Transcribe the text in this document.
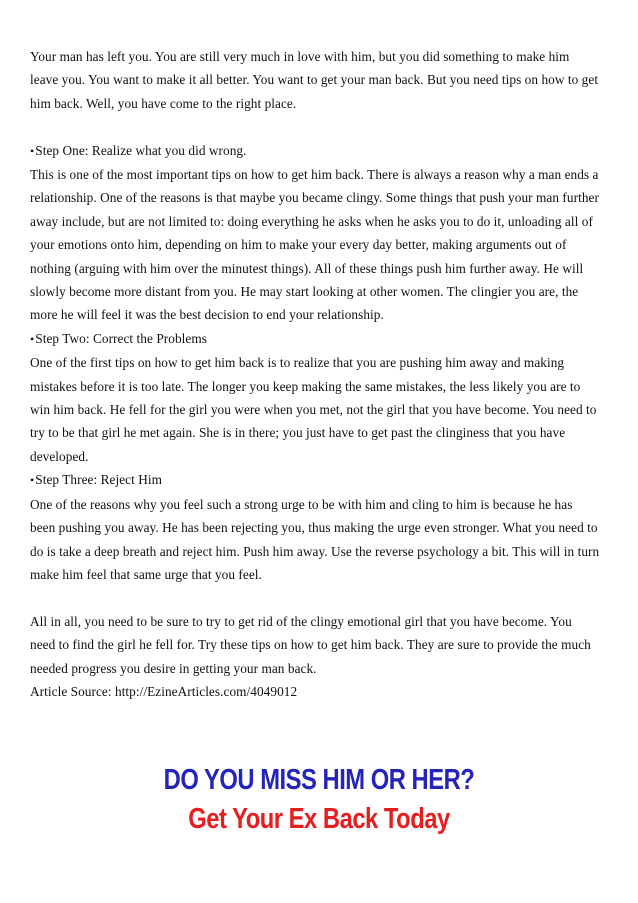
Your man has left you. You are still very much in love with him, but you did something to make him leave you. You want to make it all better. You want to get your man back. But you need tips on how to get him back. Well, you have come to the right place.

• Step One: Realize what you did wrong.

This is one of the most important tips on how to get him back. There is always a reason why a man ends a relationship. One of the reasons is that maybe you became clingy. Some things that push your man further away include, but are not limited to: doing everything he asks when he asks you to do it, unloading all of your emotions onto him, depending on him to make your every day better, making arguments out of nothing (arguing with him over the minutest things). All of these things push him further away. He will slowly become more distant from you. He may start looking at other women. The clingier you are, the more he will feel it was the best decision to end your relationship.

• Step Two: Correct the Problems

One of the first tips on how to get him back is to realize that you are pushing him away and making mistakes before it is too late. The longer you keep making the same mistakes, the less likely you are to win him back. He fell for the girl you were when you met, not the girl that you have become. You need to try to be that girl he met again. She is in there; you just have to get past the clinginess that you have developed.

• Step Three: Reject Him

One of the reasons why you feel such a strong urge to be with him and cling to him is because he has been pushing you away. He has been rejecting you, thus making the urge even stronger. What you need to do is take a deep breath and reject him. Push him away. Use the reverse psychology a bit. This will in turn make him feel that same urge that you feel.

All in all, you need to be sure to try to get rid of the clingy emotional girl that you have become. You need to find the girl he fell for. Try these tips on how to get him back. They are sure to provide the much needed progress you desire in getting your man back.

Article Source: http://EzineArticles.com/4049012

DO YOU MISS HIM OR HER?
Get Your Ex Back Today
